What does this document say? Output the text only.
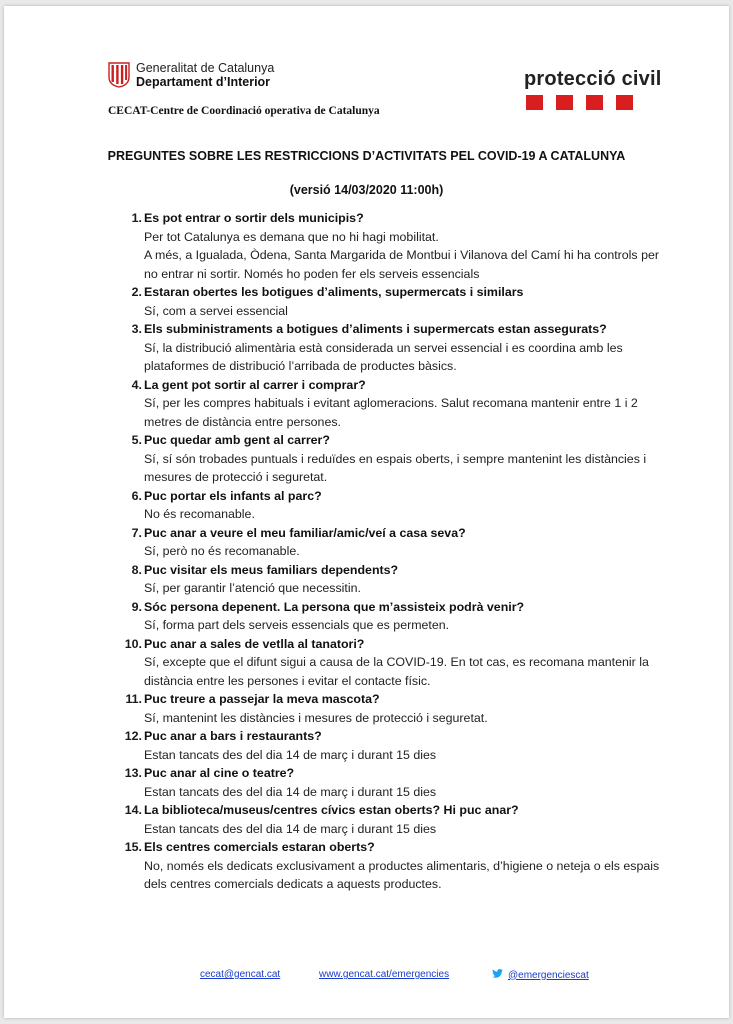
Generalitat de Catalunya
Departament d’Interior	protecció civil
CECAT-Centre de Coordinació operativa de Catalunya
PREGUNTES SOBRE LES RESTRICCIONS D’ACTIVITATS PEL COVID-19 A CATALUNYA
(versió 14/03/2020 11:00h)
1. Es pot entrar o sortir dels municipis?
Per tot Catalunya es demana que no hi hagi mobilitat.
A més, a Igualada, Òdena, Santa Margarida de Montbui i Vilanova del Camí hi ha controls per no entrar ni sortir. Només ho poden fer els serveis essencials
2. Estaran obertes les botigues d’aliments, supermercats i similars
Sí, com a servei essencial
3. Els subministraments a botigues d’aliments i supermercats estan assegurats?
Sí, la distribució alimentària està considerada un servei essencial i es coordina amb les plataformes de distribució l’arribada de productes bàsics.
4. La gent pot sortir al carrer i comprar?
Sí, per les compres habituals i evitant aglomeracions. Salut recomana mantenir entre 1 i 2 metres de distància entre persones.
5. Puc quedar amb gent al carrer?
Sí, sí són trobades puntuals i reduïdes en espais oberts, i sempre mantenint les distàncies i mesures de protecció i seguretat.
6. Puc portar els infants al parc?
No és recomanable.
7. Puc anar a veure el meu familiar/amic/veí a casa seva?
Sí, però no és recomanable.
8. Puc visitar els meus familiars dependents?
Sí, per garantir l’atenció que necessitin.
9. Sóc persona depenent. La persona que m’assisteix podrà venir?
Sí, forma part dels serveis essencials que es permeten.
10. Puc anar a sales de vetlla al tanatori?
Sí, excepte que el difunt sigui a causa de la COVID-19. En tot cas, es recomana mantenir la distància entre les persones i evitar el contacte físic.
11. Puc treure a passejar la meva mascota?
Sí, mantenint les distàncies i mesures de protecció i seguretat.
12. Puc anar a bars i restaurants?
Estan tancats des del dia 14 de març i durant 15 dies
13. Puc anar al cine o teatre?
Estan tancats des del dia 14 de març i durant 15 dies
14. La biblioteca/museus/centres cívics estan oberts? Hi puc anar?
Estan tancats des del dia 14 de març i durant 15 dies
15. Els centres comercials estaran oberts?
No, només els dedicats exclusivament a productes alimentaris, d’higiene o neteja o els espais dels centres comercials dedicats a aquests productes.
cecat@gencat.cat	www.gencat.cat/emergencies	@emergenciescat
